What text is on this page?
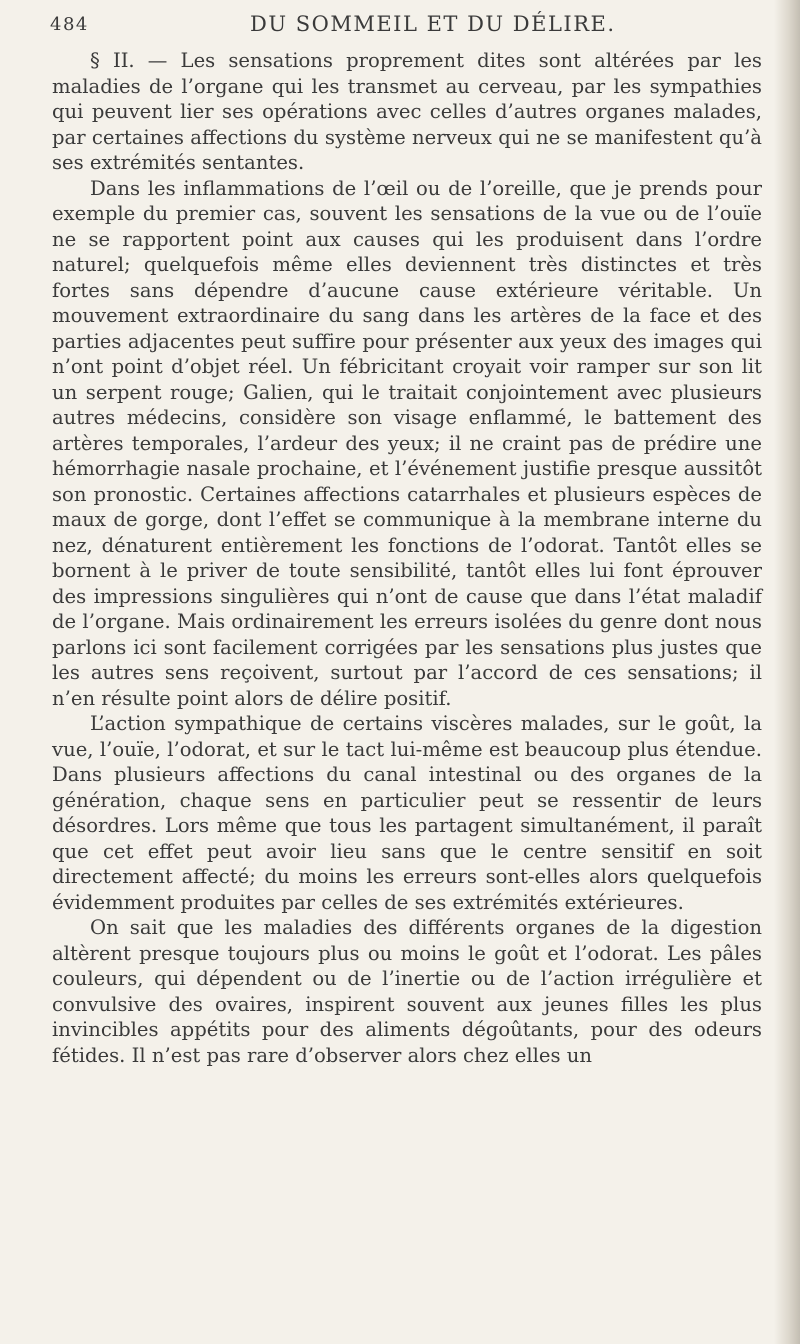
484	DU SOMMEIL ET DU DÉLIRE.

§ II. — Les sensations proprement dites sont altérées par les maladies de l’organe qui les transmet au cerveau, par les sympathies qui peuvent lier ses opérations avec celles d’autres organes malades, par certaines affections du système nerveux qui ne se manifestent qu’à ses extrémités sentantes.

Dans les inflammations de l’œil ou de l’oreille, que je prends pour exemple du premier cas, souvent les sensations de la vue ou de l’ouïe ne se rapportent point aux causes qui les produisent dans l’ordre naturel; quelquefois même elles deviennent très distinctes et très fortes sans dépendre d’aucune cause extérieure véritable. Un mouvement extraordinaire du sang dans les artères de la face et des parties adjacentes peut suffire pour présenter aux yeux des images qui n’ont point d’objet réel. Un fébricitant croyait voir ramper sur son lit un serpent rouge; Galien, qui le traitait conjointement avec plusieurs autres médecins, considère son visage enflammé, le battement des artères temporales, l’ardeur des yeux; il ne craint pas de prédire une hémorrhagie nasale prochaine, et l’événement justifie presque aussitôt son pronostic. Certaines affections catarrhales et plusieurs espèces de maux de gorge, dont l’effet se communique à la membrane interne du nez, dénaturent entièrement les fonctions de l’odorat. Tantôt elles se bornent à le priver de toute sensibilité, tantôt elles lui font éprouver des impressions singulières qui n’ont de cause que dans l’état maladif de l’organe. Mais ordinairement les erreurs isolées du genre dont nous parlons ici sont facilement corrigées par les sensations plus justes que les autres sens reçoivent, surtout par l’accord de ces sensations; il n’en résulte point alors de délire positif.

L’action sympathique de certains viscères malades, sur le goût, la vue, l’ouïe, l’odorat, et sur le tact lui-même est beaucoup plus étendue. Dans plusieurs affections du canal intestinal ou des organes de la génération, chaque sens en particulier peut se ressentir de leurs désordres. Lors même que tous les partagent simultanément, il paraît que cet effet peut avoir lieu sans que le centre sensitif en soit directement affecté; du moins les erreurs sont-elles alors quelquefois évidemment produites par celles de ses extrémités extérieures.

On sait que les maladies des différents organes de la digestion altèrent presque toujours plus ou moins le goût et l’odorat. Les pâles couleurs, qui dépendent ou de l’inertie ou de l’action irrégulière et convulsive des ovaires, inspirent souvent aux jeunes filles les plus invincibles appétits pour des aliments dégoûtants, pour des odeurs fétides. Il n’est pas rare d’observer alors chez elles un
